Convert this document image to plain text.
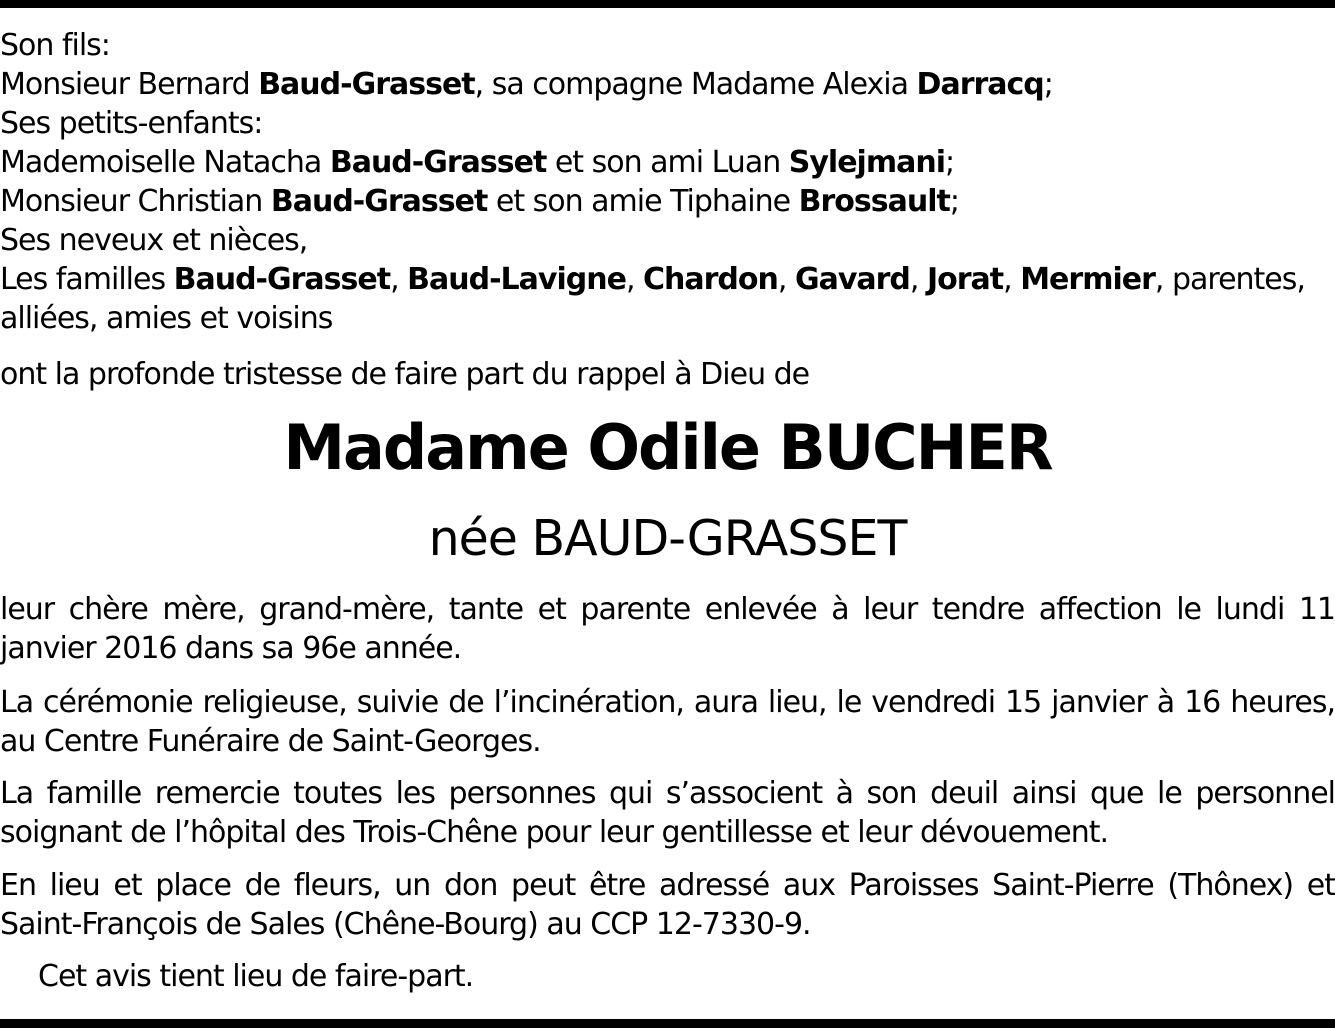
Son fils:
Monsieur Bernard Baud-Grasset, sa compagne Madame Alexia Darracq;
Ses petits-enfants:
Mademoiselle Natacha Baud-Grasset et son ami Luan Sylejmani;
Monsieur Christian Baud-Grasset et son amie Tiphaine Brossault;
Ses neveux et nièces,
Les familles Baud-Grasset, Baud-Lavigne, Chardon, Gavard, Jorat, Mermier, parentes,
alliées, amies et voisins
ont la profonde tristesse de faire part du rappel à Dieu de
Madame Odile BUCHER
née BAUD-GRASSET
leur chère mère, grand-mère, tante et parente enlevée à leur tendre affection le lundi 11 janvier 2016 dans sa 96e année.
La cérémonie religieuse, suivie de l’incinération, aura lieu, le vendredi 15 janvier à 16 heures, au Centre Funéraire de Saint-Georges.
La famille remercie toutes les personnes qui s’associent à son deuil ainsi que le personnel soignant de l’hôpital des Trois-Chêne pour leur gentillesse et leur dévouement.
En lieu et place de fleurs, un don peut être adressé aux Paroisses Saint-Pierre (Thônex) et Saint-François de Sales (Chêne-Bourg) au CCP 12-7330-9.
Cet avis tient lieu de faire-part.
